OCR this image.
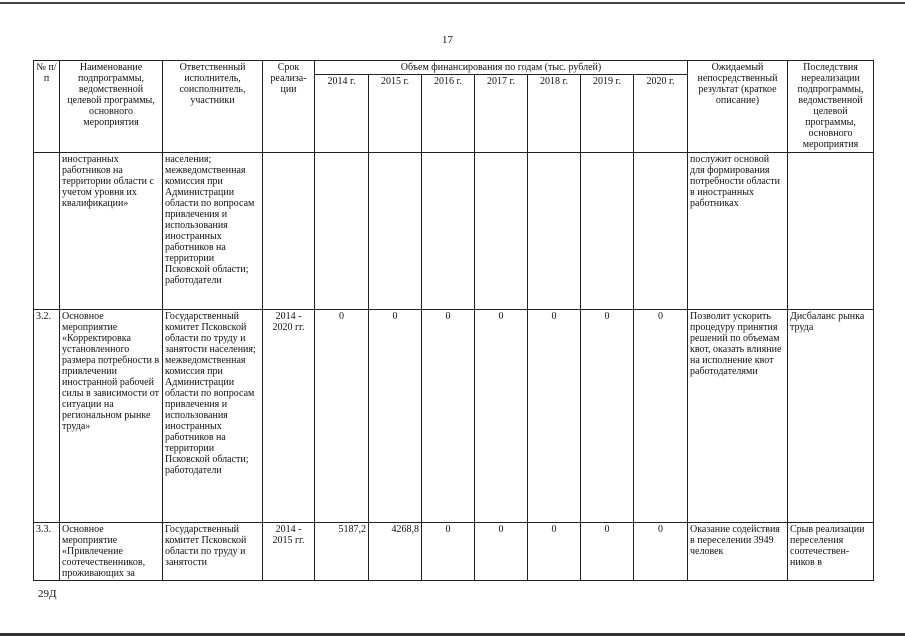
17
№ п/п	Наименование подпрограммы, ведомственной целевой программы, основного мероприятия	Ответственный исполнитель, соисполнитель, участники	Срок реализа- ции	Объем финансирования по годам (тыс. рублей)							Ожидаемый непосредственный результат (краткое описание)	Последствия нереализации подпрограммы, ведомственной целевой программы, основного мероприятия
				2014 г.	2015 г.	2016 г.	2017 г.	2018 г.	2019 г.	2020 г.		
	иностранных работников на территории области с учетом уровня их квалификации»	населения; межведомственная комиссия при Администрации области по вопросам привлечения и использования иностранных работников на территории Псковской области; работодатели									послужит основой для формирования потребности области в иностранных работниках	
3.2.	Основное мероприятие «Корректировка установленного размера потребности в привлечении иностранной рабочей силы в зависимости от ситуации на региональном рынке труда»	Государственный комитет Псковской области по труду и занятости населения; межведомственная комиссия при Администрации области по вопросам привлечения и использования иностранных работников на территории Псковской области; работодатели	2014 - 2020 гг.	0	0	0	0	0	0	0	Позволит ускорить процедуру принятия решений по объемам квот, оказать влияние на исполнение квот работодателями	Дисбаланс рынка труда
3.3.	Основное мероприятие «Привлечение соотечественников, проживающих за	Государственный комитет Псковской области по труду и занятости	2014 - 2015 гг.	5187,2	4268,8	0	0	0	0	0	Оказание содействия в переселении 3949 человек	Срыв реализации переселения соотечествен- ников в
29Д
